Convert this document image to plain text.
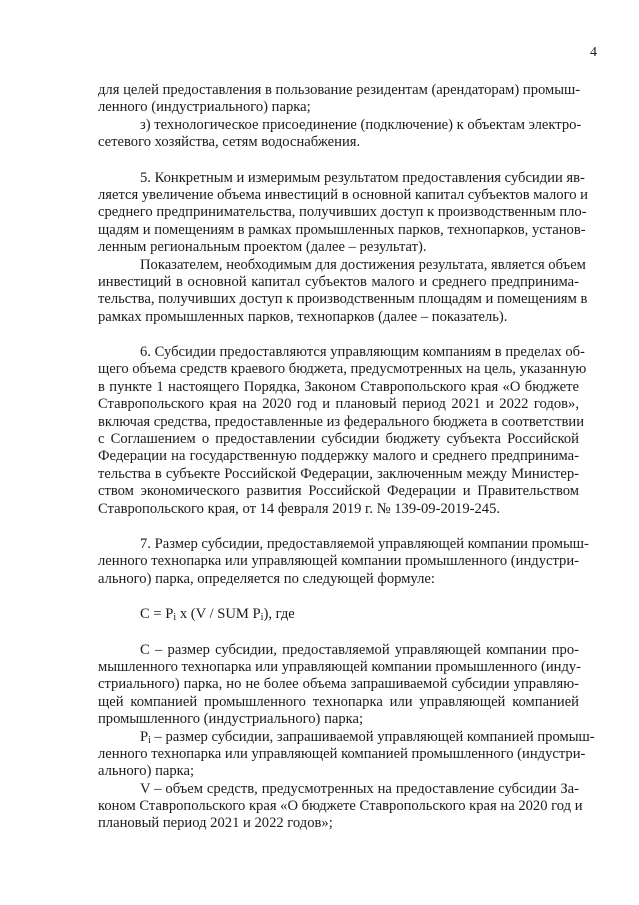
4
для целей предоставления в пользование резидентам (арендаторам) промыш-
ленного (индустриального) парка;
з) технологическое присоединение (подключение) к объектам электро-
сетевого хозяйства, сетям водоснабжения.
5. Конкретным и измеримым результатом предоставления субсидии яв-
ляется увеличение объема инвестиций в основной капитал субъектов малого и
среднего предпринимательства, получивших доступ к производственным пло-
щадям и помещениям в рамках промышленных парков, технопарков, установ-
ленным региональным проектом (далее – результат).
Показателем, необходимым для достижения результата, является объем
инвестиций в основной капитал субъектов малого и среднего предпринима-
тельства, получивших доступ к производственным площадям и помещениям в
рамках промышленных парков, технопарков (далее – показатель).
6. Субсидии предоставляются управляющим компаниям в пределах об-
щего объема средств краевого бюджета, предусмотренных на цель, указанную
в пункте 1 настоящего Порядка, Законом Ставропольского края «О бюджете
Ставропольского края на 2020 год и плановый период 2021 и 2022 годов»,
включая средства, предоставленные из федерального бюджета в соответствии
с Соглашением о предоставлении субсидии бюджету субъекта Российской
Федерации на государственную поддержку малого и среднего предпринима-
тельства в субъекте Российской Федерации, заключенным между Министер-
ством экономического развития Российской Федерации и Правительством
Ставропольского края, от 14 февраля 2019 г. № 139-09-2019-245.
7. Размер субсидии, предоставляемой управляющей компании промыш-
ленного технопарка или управляющей компании промышленного (индустри-
ального) парка, определяется по следующей формуле:
$C = P_i$ x (V / SUM $P_i$), где
C – размер субсидии, предоставляемой управляющей компании про-
мышленного технопарка или управляющей компании промышленного (инду-
стриального) парка, но не более объема запрашиваемой субсидии управляю-
щей компанией промышленного технопарка или управляющей компанией
промышленного (индустриального) парка;
$P_i$ – размер субсидии, запрашиваемой управляющей компанией промыш-
ленного технопарка или управляющей компанией промышленного (индустри-
ального) парка;
V – объем средств, предусмотренных на предоставление субсидии За-
коном Ставропольского края «О бюджете Ставропольского края на 2020 год и
плановый период 2021 и 2022 годов»;
